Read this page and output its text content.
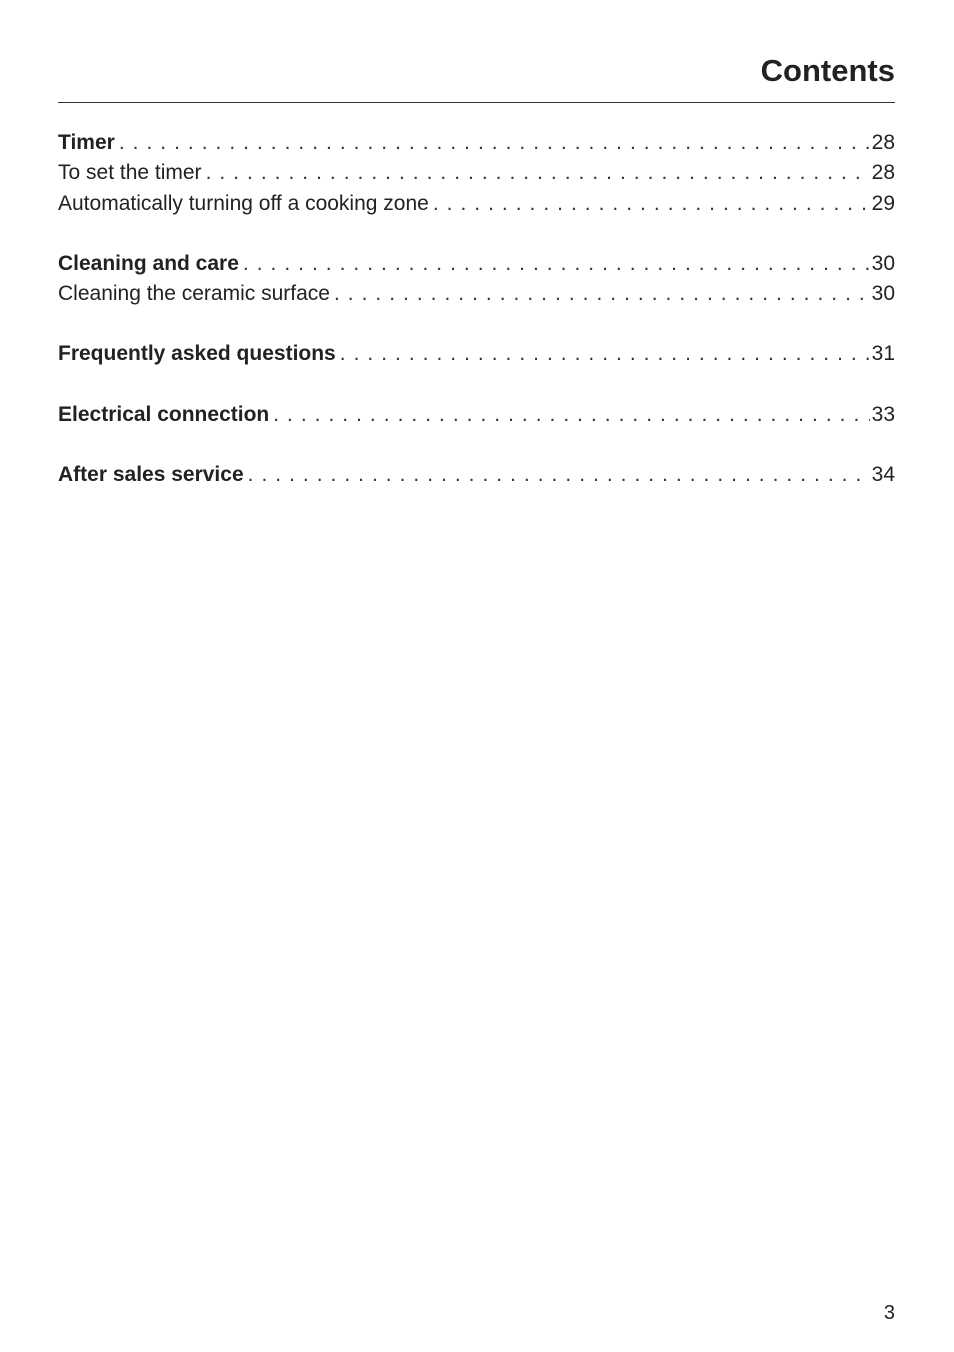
Contents
Timer .....	28
To set the timer .....	28
Automatically turning off a cooking zone .....	29
Cleaning and care .....	30
Cleaning the ceramic surface .....	30
Frequently asked questions .....	31
Electrical connection .....	33
After sales service .....	34
3
